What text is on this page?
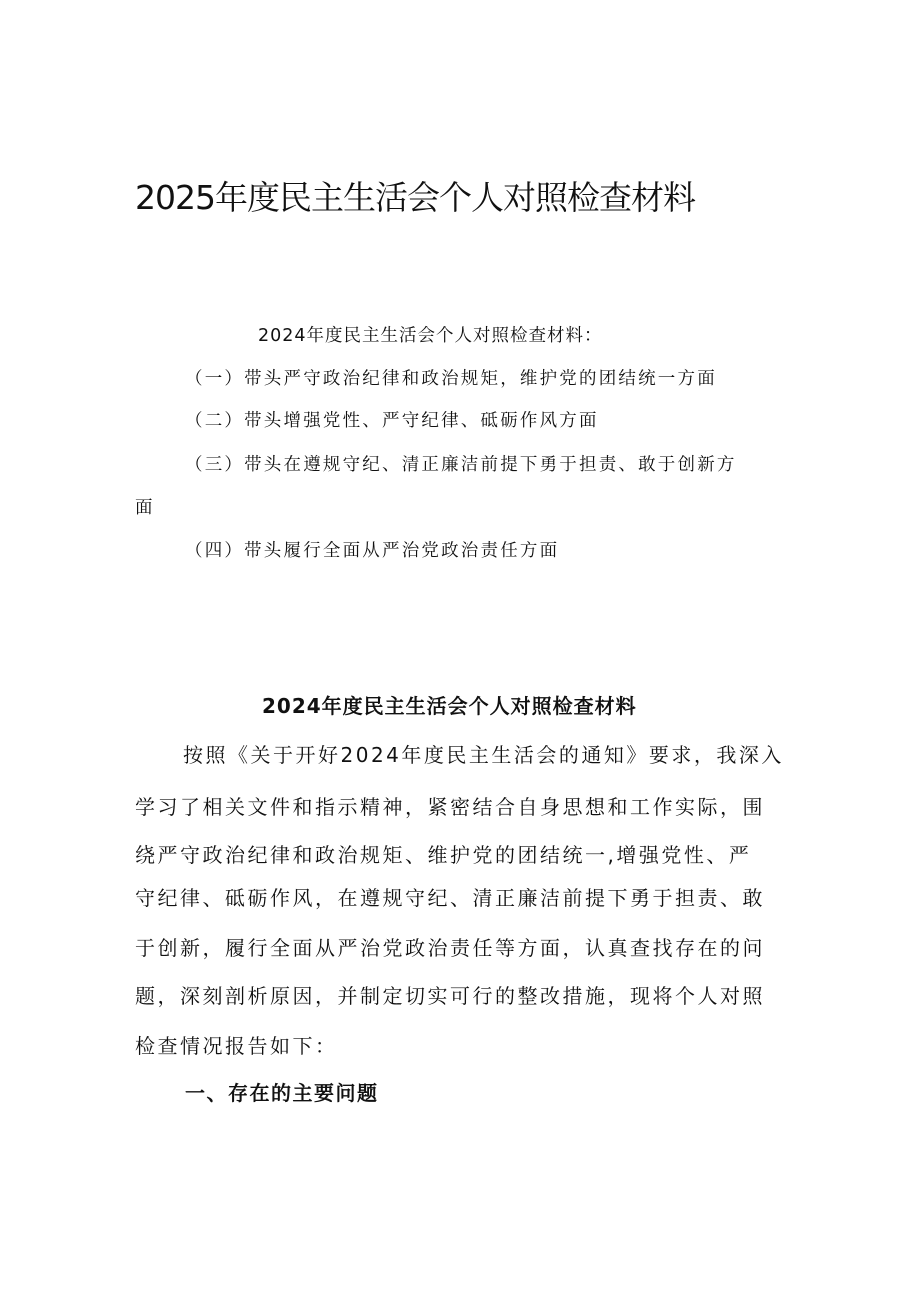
2025年度民主生活会个人对照检查材料

2024年度民主生活会个人对照检查材料：

（一）带头严守政治纪律和政治规矩，维护党的团结统一方面

（二）带头增强党性、严守纪律、砥砺作风方面

（三）带头在遵规守纪、清正廉洁前提下勇于担责、敢于创新方

面

（四）带头履行全面从严治党政治责任方面

2024年度民主生活会个人对照检查材料

按照《关于开好2024年度民主生活会的通知》要求，我深入

学习了相关文件和指示精神，紧密结合自身思想和工作实际，围

绕严守政治纪律和政治规矩、维护党的团结统一,增强党性、严

守纪律、砥砺作风，在遵规守纪、清正廉洁前提下勇于担责、敢

于创新，履行全面从严治党政治责任等方面，认真查找存在的问

题，深刻剖析原因，并制定切实可行的整改措施，现将个人对照

检查情况报告如下：

一、存在的主要问题
